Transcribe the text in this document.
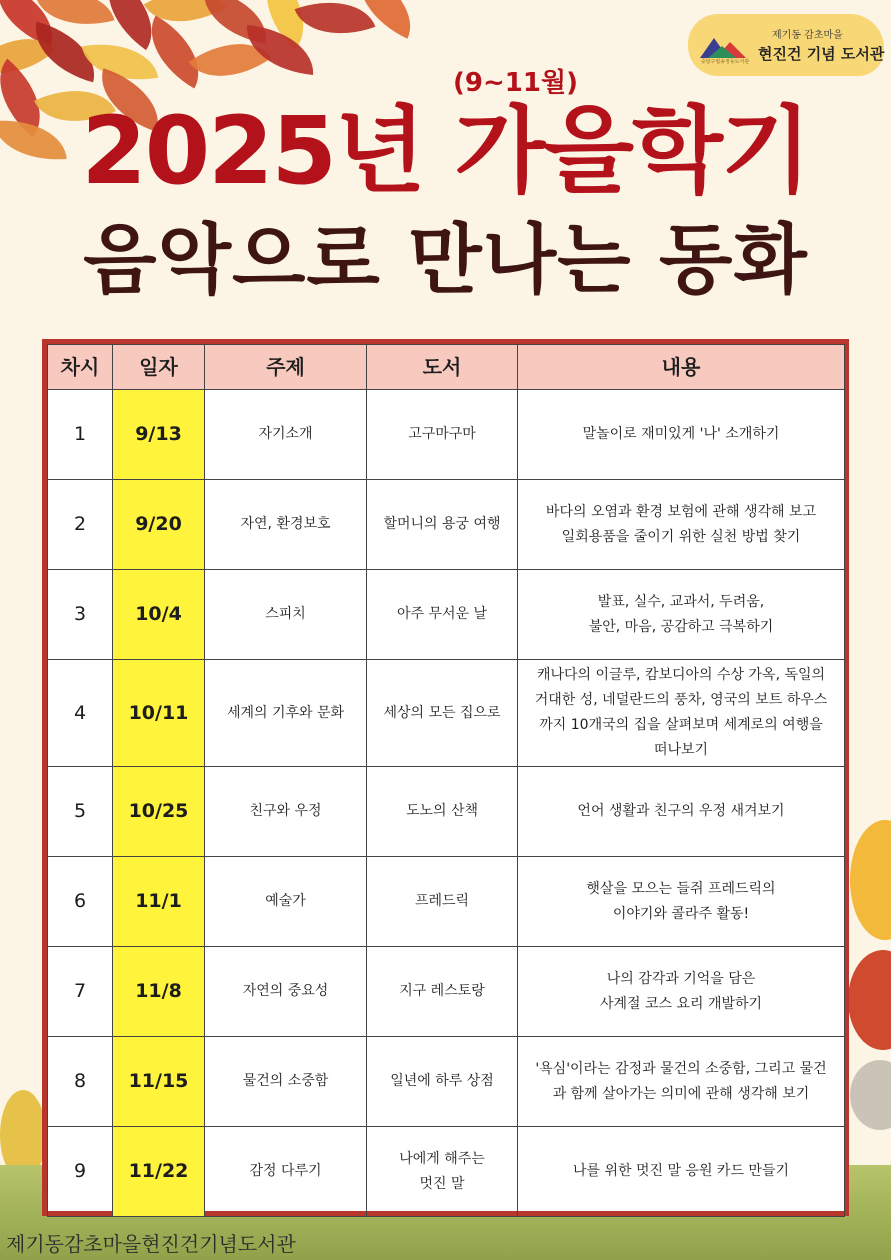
중랑구립송정동도서관
제기동 감초마을
현진건 기념 도서관
(9~11월)
2025년 가을학기
음악으로 만나는 동화
차시	일자	주제	도서	내용
1	9/13	자기소개	고구마구마	말놀이로 재미있게 '나' 소개하기
2	9/20	자연, 환경보호	할머니의 용궁 여행	바다의 오염과 환경 보험에 관해 생각해 보고
일회용품을 줄이기 위한 실천 방법 찾기
3	10/4	스피치	아주 무서운 날	발표, 실수, 교과서, 두려움,
불안, 마음, 공감하고 극복하기
4	10/11	세계의 기후와 문화	세상의 모든 집으로	캐나다의 이글루, 캄보디아의 수상 가옥, 독일의
거대한 성, 네덜란드의 풍차, 영국의 보트 하우스
까지 10개국의 집을 살펴보며 세계로의 여행을
떠나보기
5	10/25	친구와 우정	도노의 산책	언어 생활과 친구의 우정 새겨보기
6	11/1	예술가	프레드릭	햇살을 모으는 들쥐 프레드릭의
이야기와 콜라주 활동!
7	11/8	자연의 중요성	지구 레스토랑	나의 감각과 기억을 담은
사계절 코스 요리 개발하기
8	11/15	물건의 소중함	일년에 하루 상점	'욕심'이라는 감정과 물건의 소중함, 그리고 물건
과 함께 살아가는 의미에 관해 생각해 보기
9	11/22	감정 다루기	나에게 해주는
멋진 말	나를 위한 멋진 말 응원 카드 만들기
제기동감초마을현진건기념도서관
